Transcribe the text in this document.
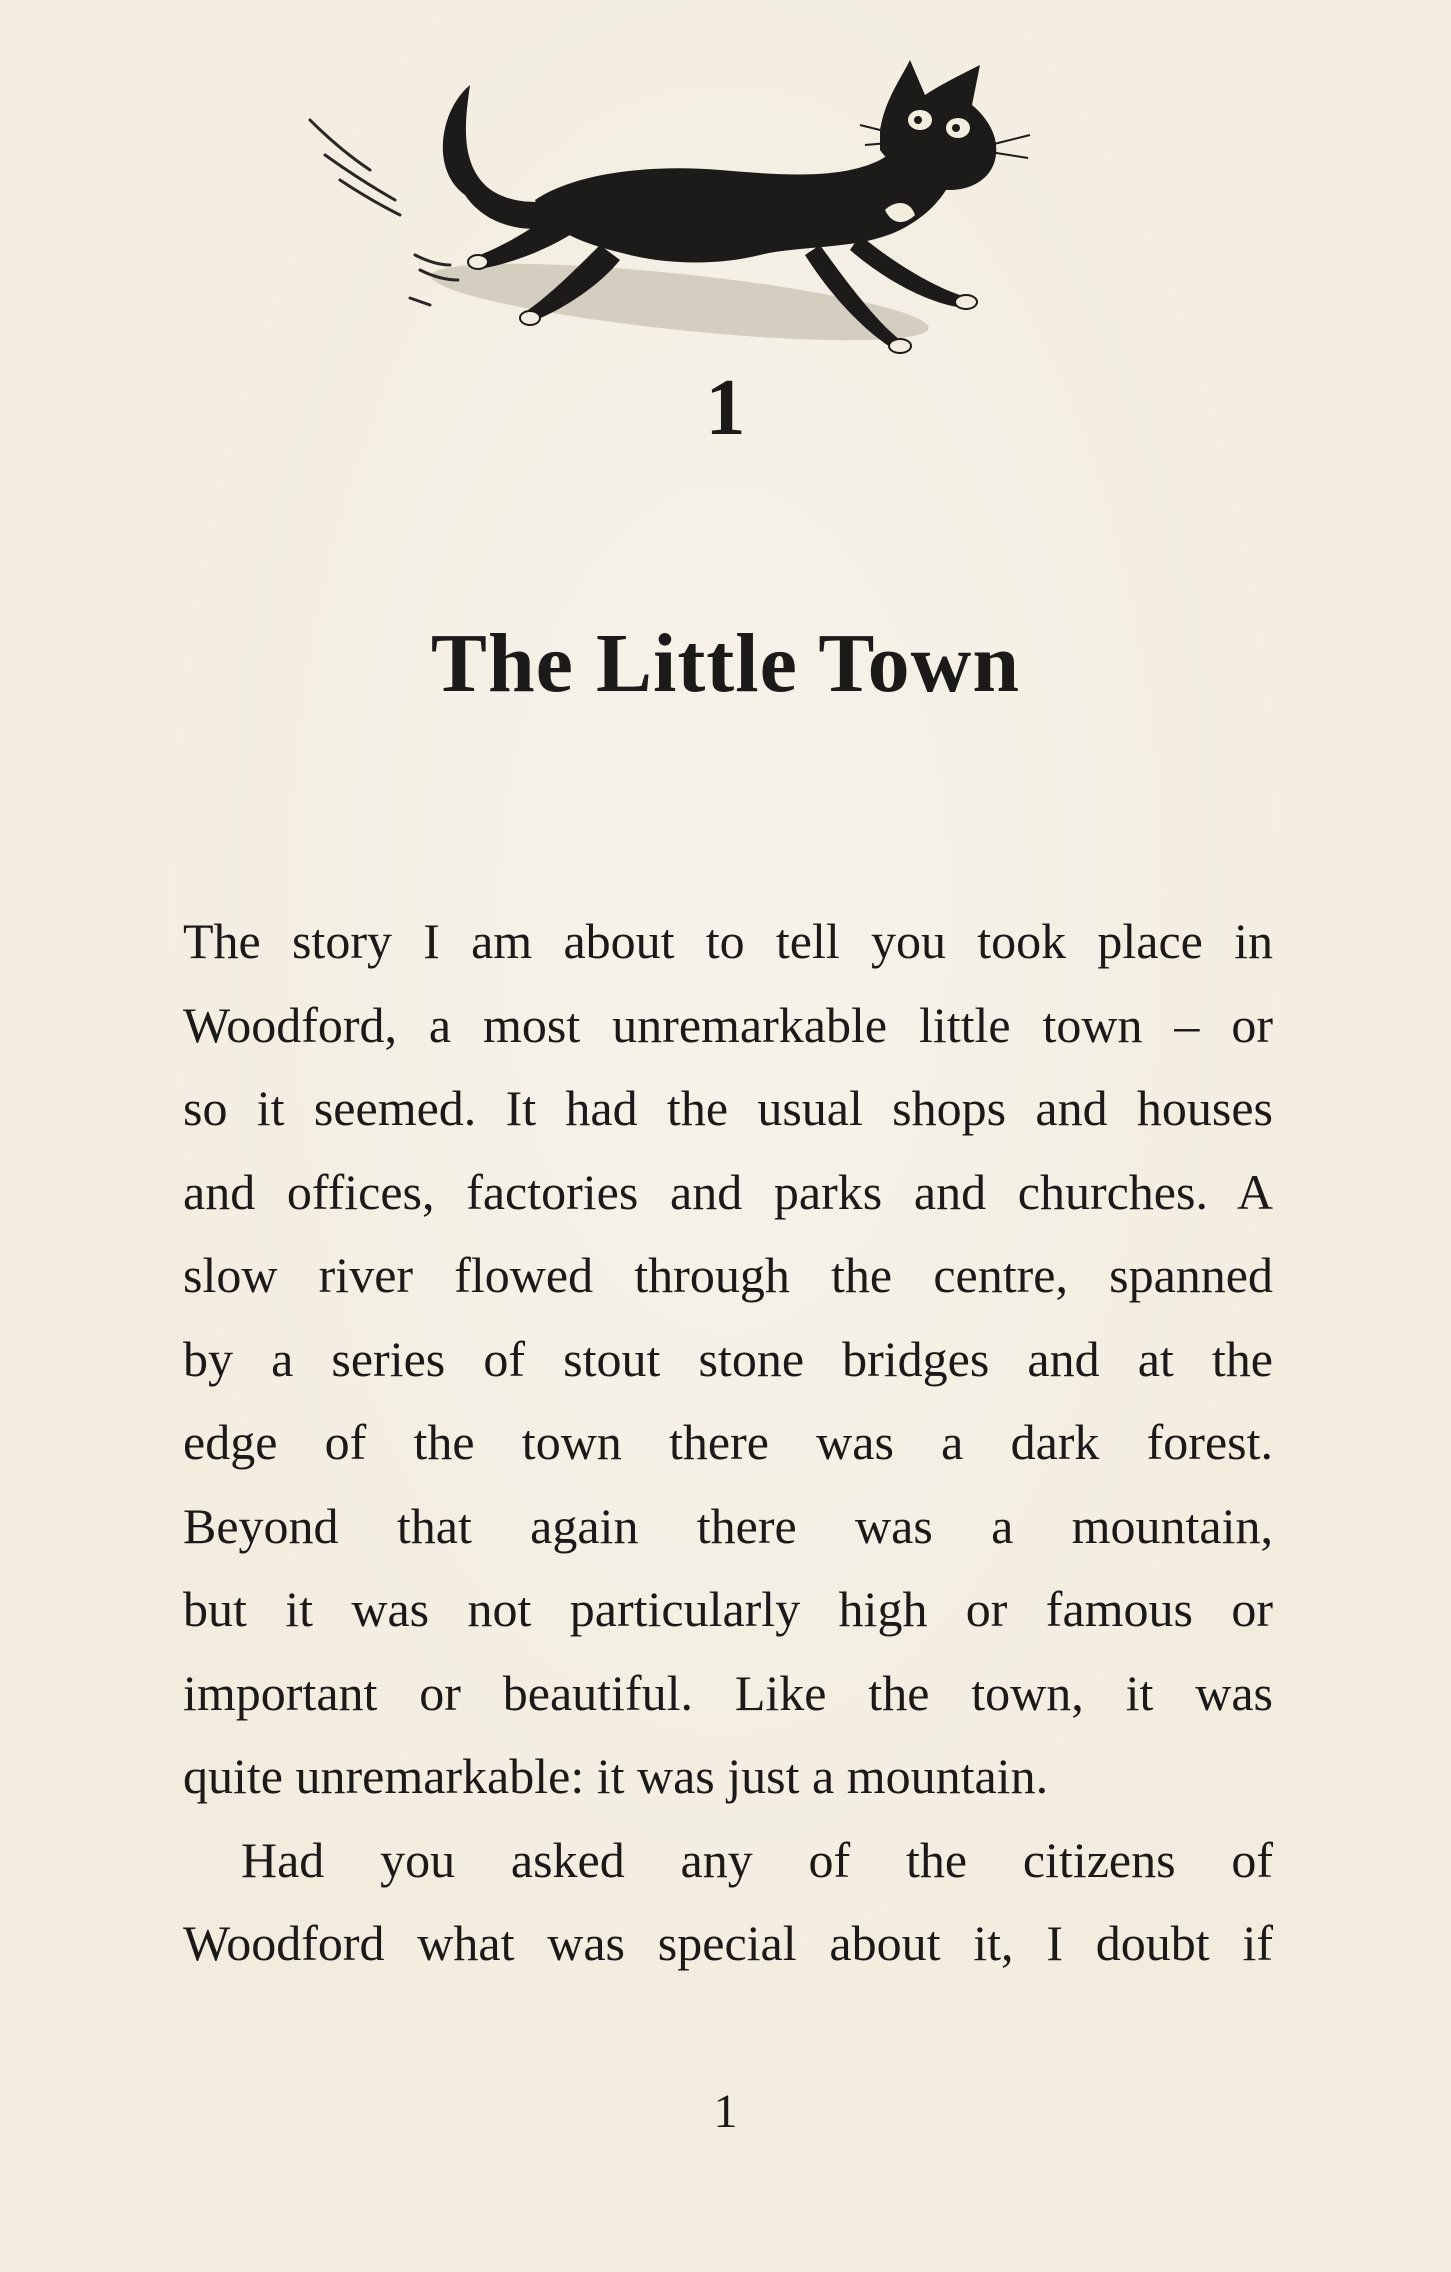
1
The Little Town
The story I am about to tell you took place in
Woodford, a most unremarkable little town – or
so it seemed. It had the usual shops and houses
and offices, factories and parks and churches. A
slow river flowed through the centre, spanned
by a series of stout stone bridges and at the
edge of the town there was a dark forest.
Beyond that again there was a mountain,
but it was not particularly high or famous or
important or beautiful. Like the town, it was
quite unremarkable: it was just a mountain.
Had you asked any of the citizens of
Woodford what was special about it, I doubt if
1
